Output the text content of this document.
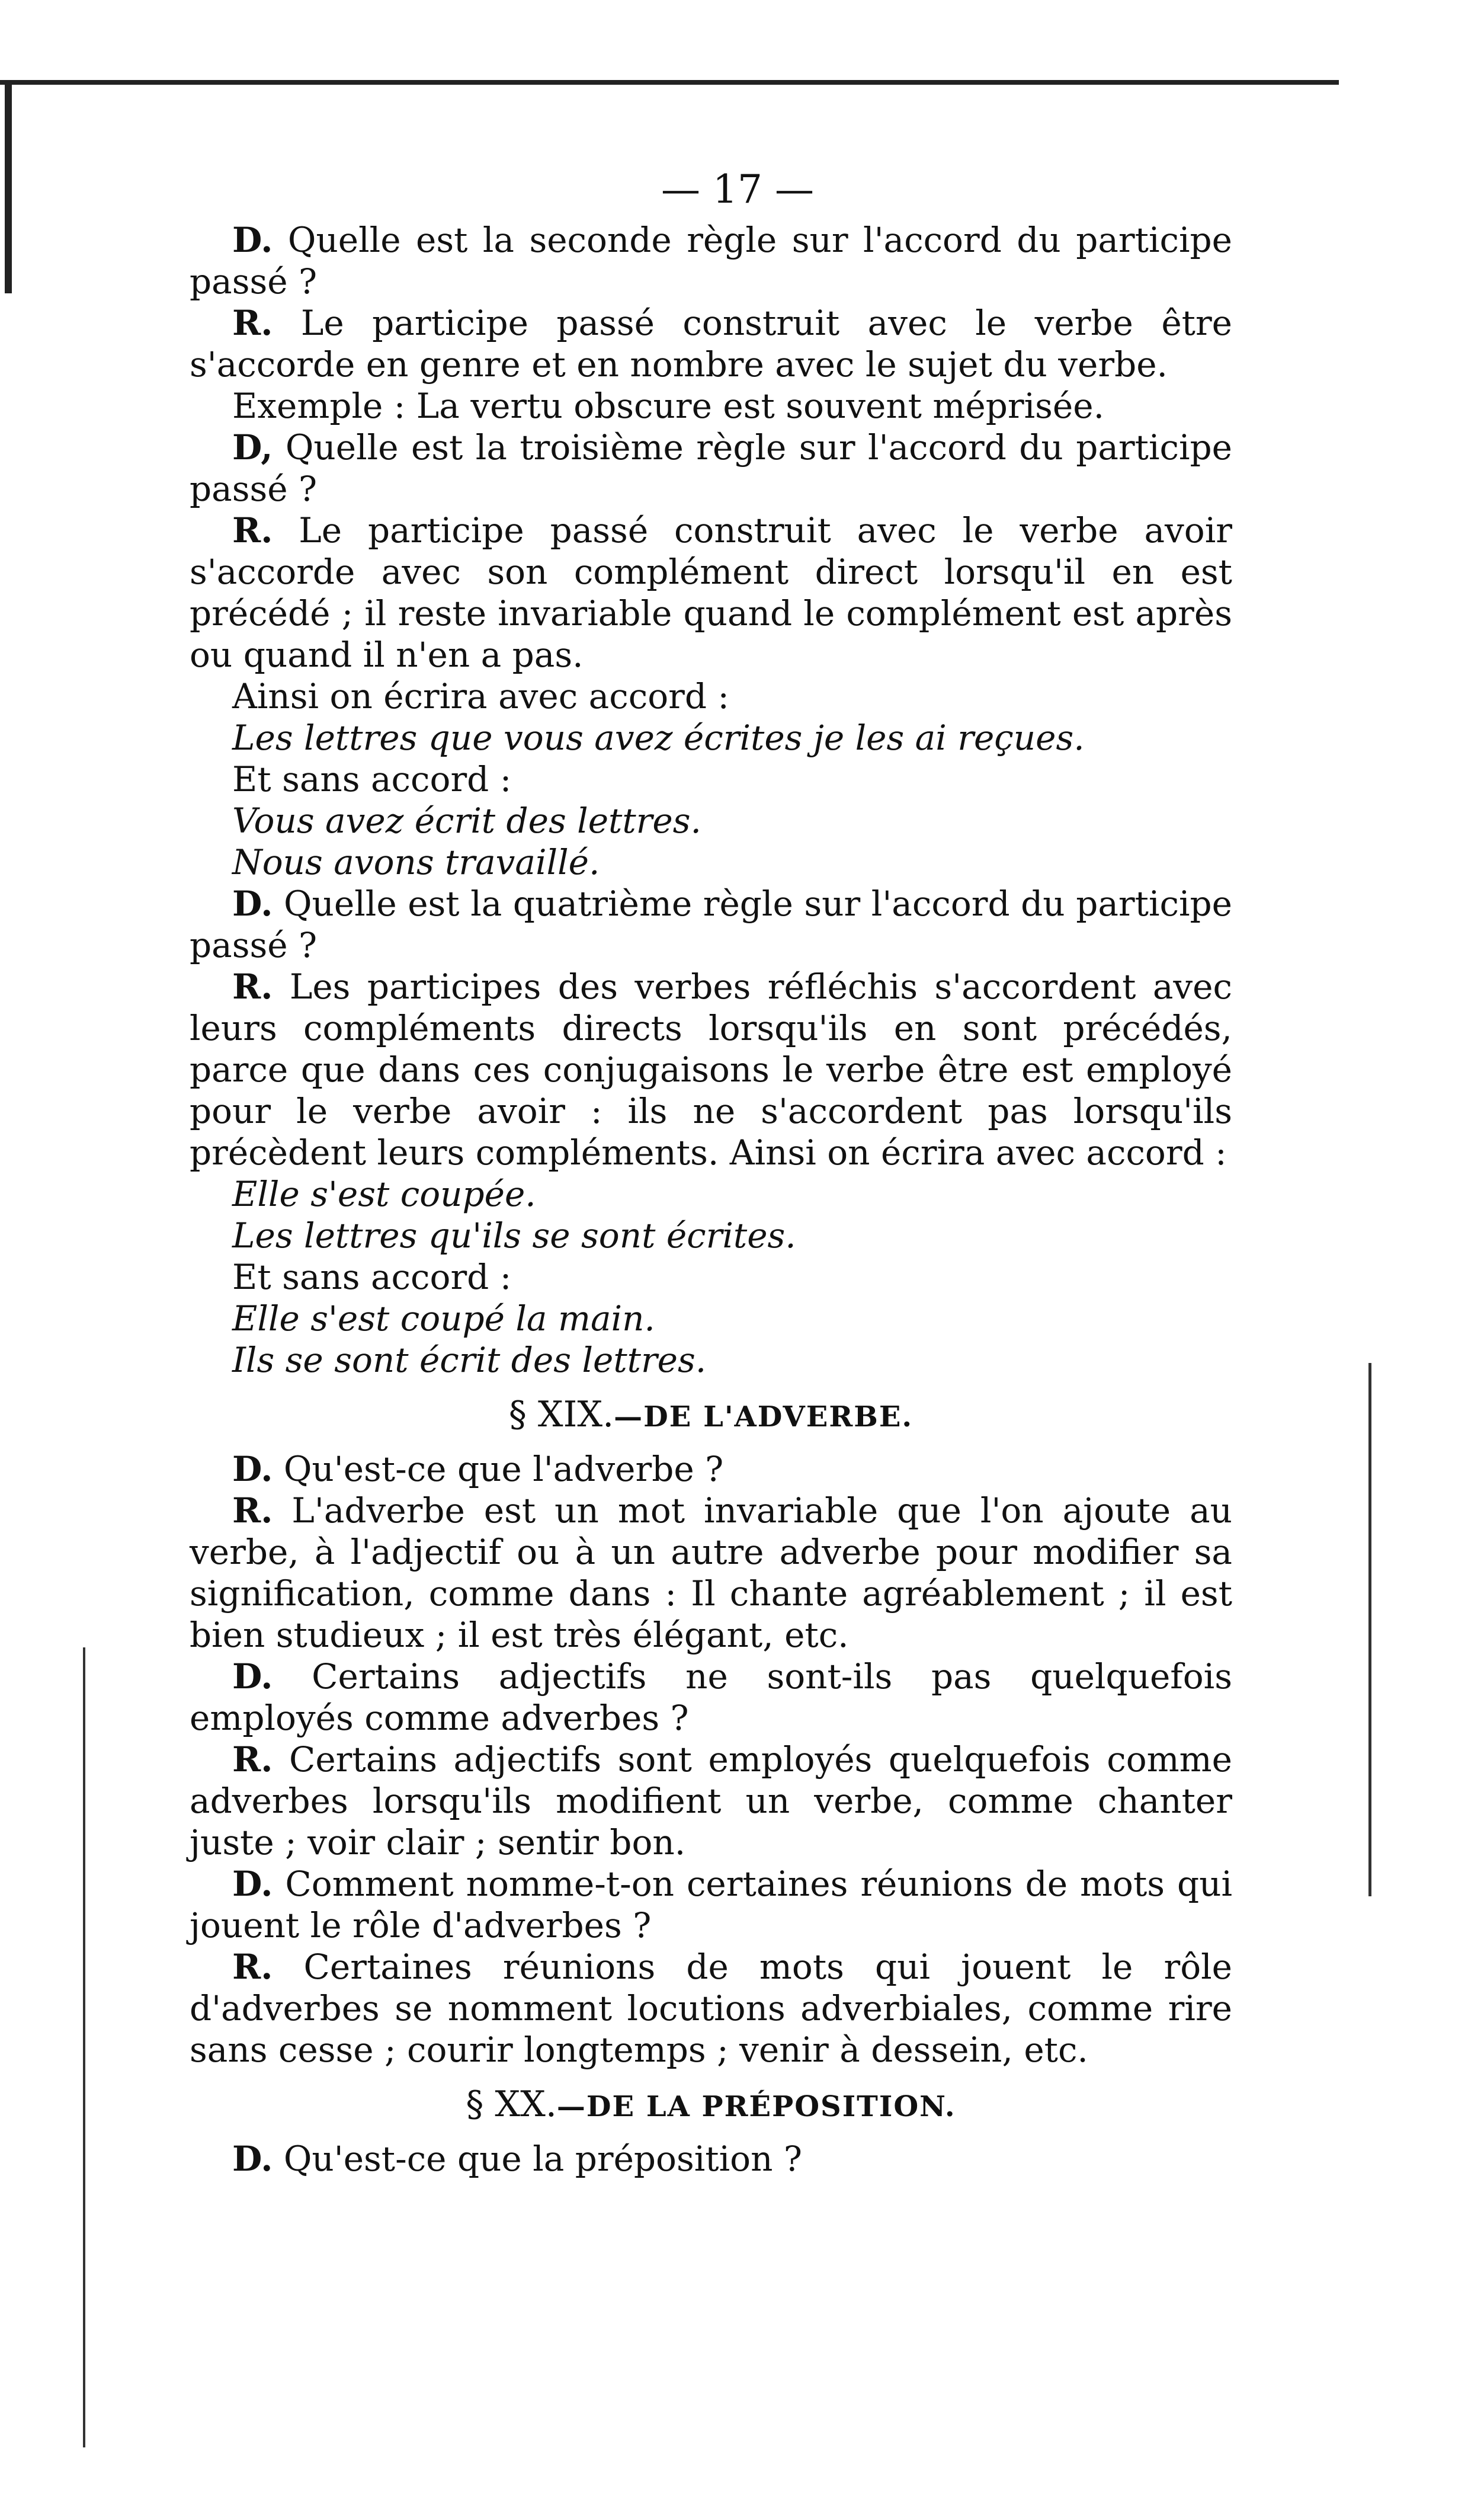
— 17 —

D. Quelle est la seconde règle sur l'accord du participe passé ?

R. Le participe passé construit avec le verbe être s'accorde en genre et en nombre avec le sujet du verbe.

Exemple : La vertu obscure est souvent méprisée.

D, Quelle est la troisième règle sur l'accord du participe passé ?

R. Le participe passé construit avec le verbe avoir s'accorde avec son complément direct lorsqu'il en est précédé ; il reste invariable quand le complément est après ou quand il n'en a pas.

Ainsi on écrira avec accord :

Les lettres que vous avez écrites je les ai reçues.

Et sans accord :

Vous avez écrit des lettres.

Nous avons travaillé.

D. Quelle est la quatrième règle sur l'accord du participe passé ?

R. Les participes des verbes réfléchis s'accordent avec leurs compléments directs lorsqu'ils en sont précédés, parce que dans ces conjugaisons le verbe être est employé pour le verbe avoir : ils ne s'accordent pas lorsqu'ils précèdent leurs compléments. Ainsi on écrira avec accord :

Elle s'est coupée.

Les lettres qu'ils se sont écrites.

Et sans accord :

Elle s'est coupé la main.

Ils se sont écrit des lettres.

§ XIX.—DE L'ADVERBE.

D. Qu'est-ce que l'adverbe ?

R. L'adverbe est un mot invariable que l'on ajoute au verbe, à l'adjectif ou à un autre adverbe pour modifier sa signification, comme dans : Il chante agréablement ; il est bien studieux ; il est très élégant, etc.

D. Certains adjectifs ne sont-ils pas quelquefois employés comme adverbes ?

R. Certains adjectifs sont employés quelquefois comme adverbes lorsqu'ils modifient un verbe, comme chanter juste ; voir clair ; sentir bon.

D. Comment nomme-t-on certaines réunions de mots qui jouent le rôle d'adverbes ?

R. Certaines réunions de mots qui jouent le rôle d'adverbes se nomment locutions adverbiales, comme rire sans cesse ; courir longtemps ; venir à dessein, etc.

§ XX.—DE LA PRÉPOSITION.

D. Qu'est-ce que la préposition ?
